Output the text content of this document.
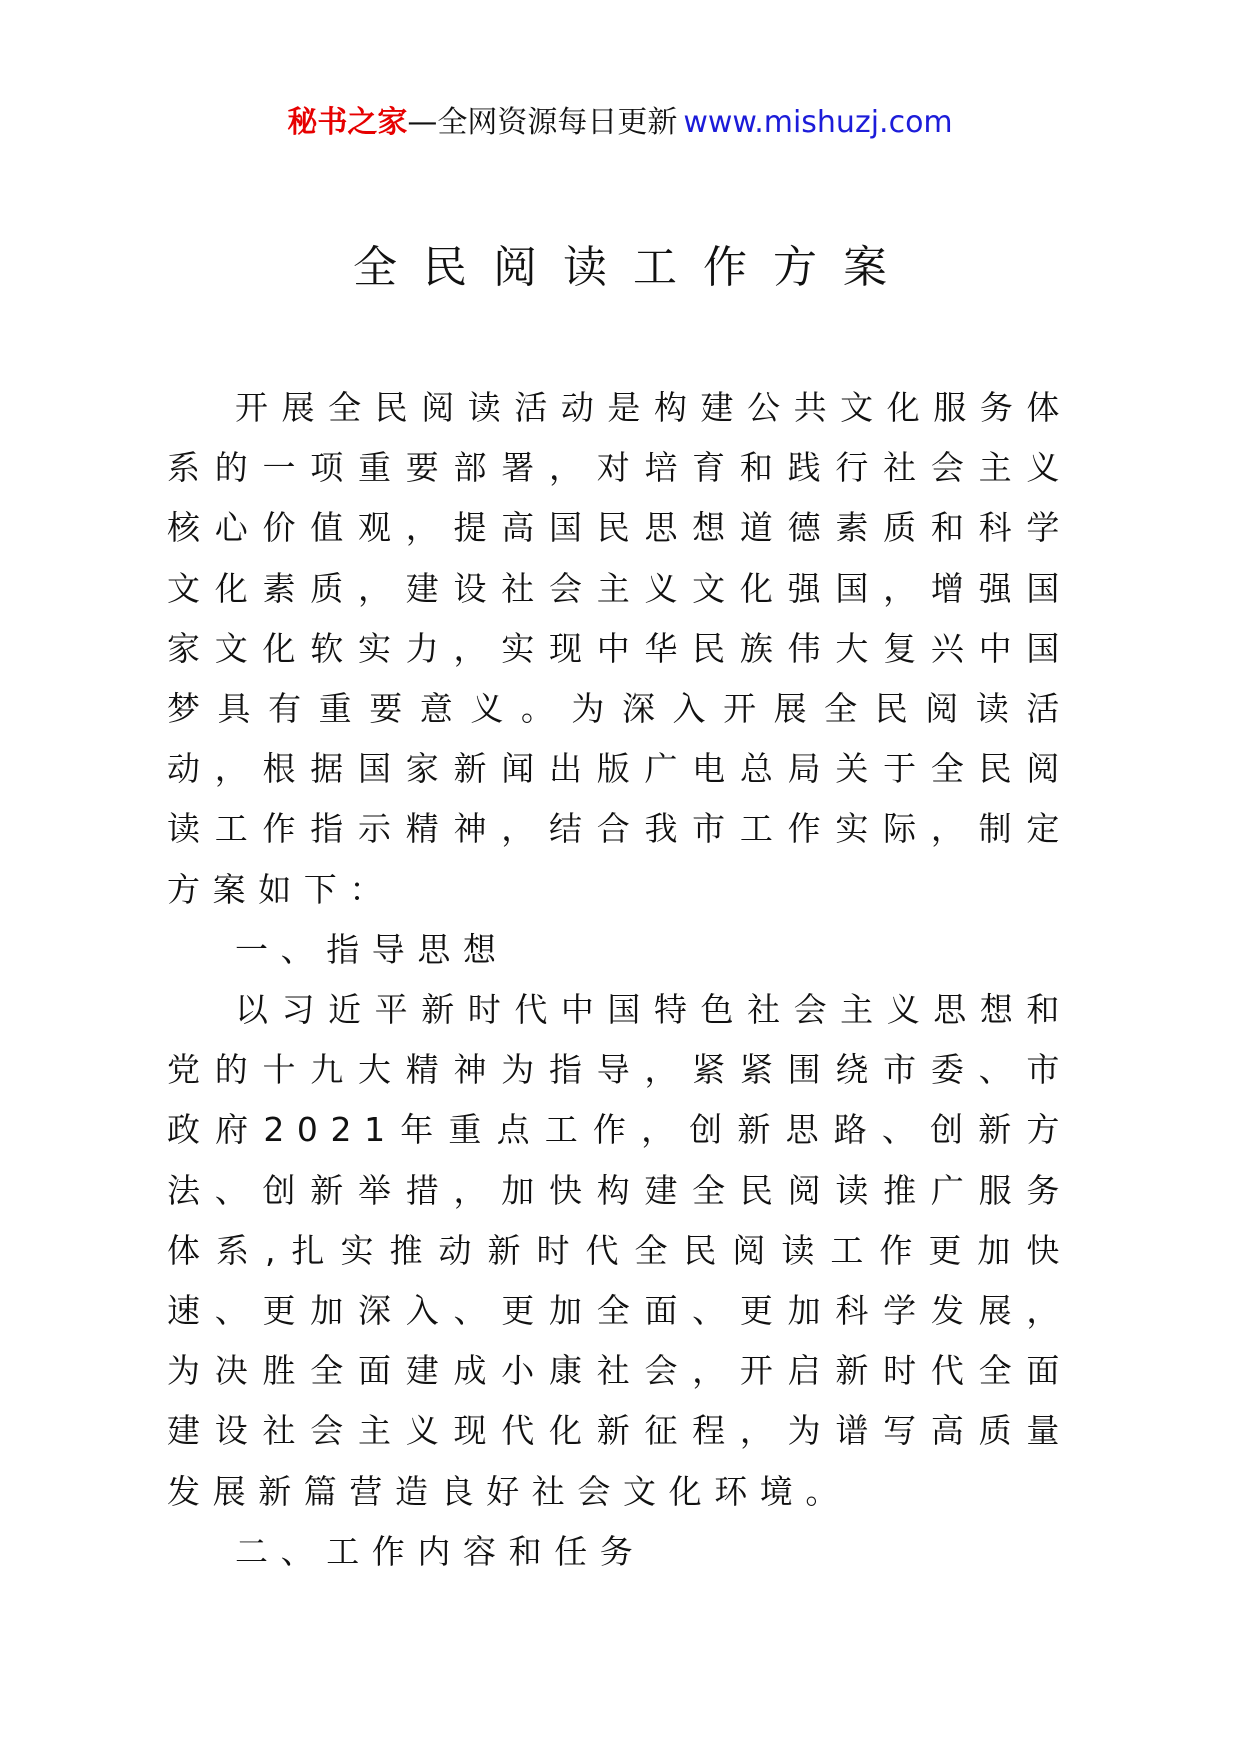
秘书之家—全网资源每日更新 www.mishuzj.com
全民阅读工作方案

开展全民阅读活动是构建公共文化服务体系的一项重要部署，对培育和践行社会主义核心价值观，提高国民思想道德素质和科学文化素质，建设社会主义文化强国，增强国家文化软实力，实现中华民族伟大复兴中国梦具有重要意义。为深入开展全民阅读活动，根据国家新闻出版广电总局关于全民阅读工作指示精神，结合我市工作实际，制定方案如下：

一、指导思想

以习近平新时代中国特色社会主义思想和党的十九大精神为指导，紧紧围绕市委、市政府2021年重点工作，创新思路、创新方法、创新举措，加快构建全民阅读推广服务体系,扎实推动新时代全民阅读工作更加快速、更加深入、更加全面、更加科学发展，为决胜全面建成小康社会，开启新时代全面建设社会主义现代化新征程，为谱写高质量发展新篇营造良好社会文化环境。

二、工作内容和任务
